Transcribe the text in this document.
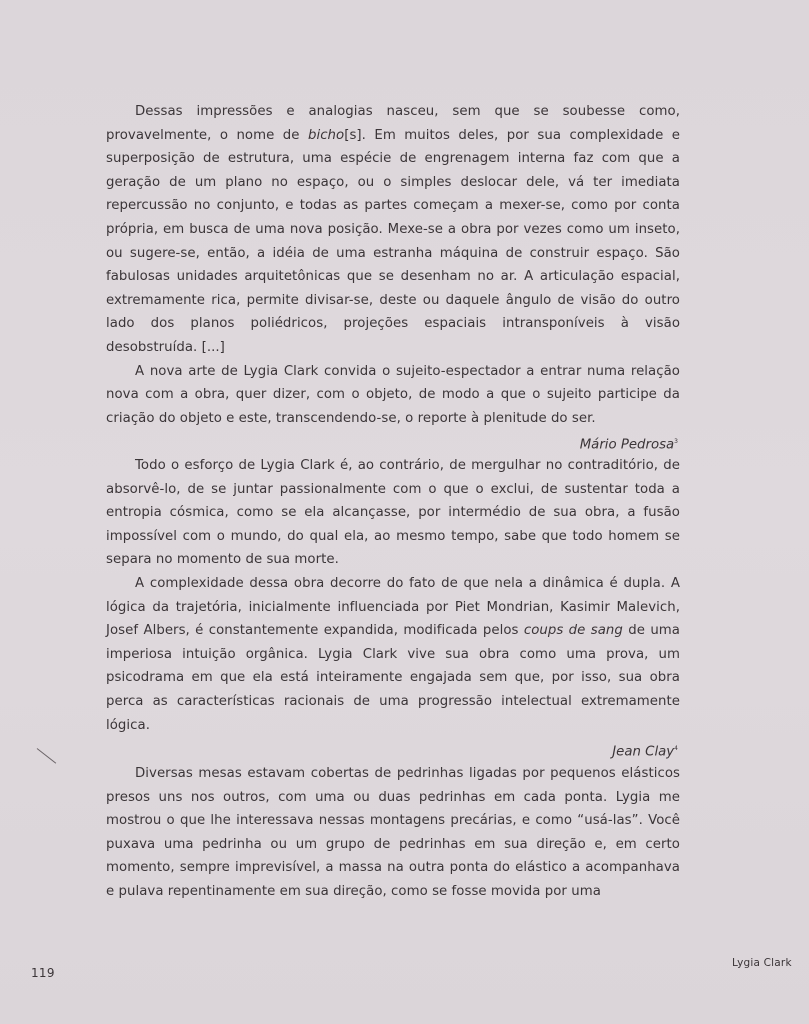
Dessas impressões e analogias nasceu, sem que se soubesse como, provavelmente, o nome de bicho[s]. Em muitos deles, por sua complexidade e superposição de estrutura, uma espécie de engrenagem interna faz com que a geração de um plano no espaço, ou o simples deslocar dele, vá ter imediata repercussão no conjunto, e todas as partes começam a mexer-se, como por conta própria, em busca de uma nova posição. Mexe-se a obra por vezes como um inseto, ou sugere-se, então, a idéia de uma estranha máquina de construir espaço. São fabulosas unidades arquitetônicas que se desenham no ar. A articulação espacial, extremamente rica, permite divisar-se, deste ou daquele ângulo de visão do outro lado dos planos poliédricos, projeções espaciais intransponíveis à visão desobstruída. [...]

A nova arte de Lygia Clark convida o sujeito-espectador a entrar numa relação nova com a obra, quer dizer, com o objeto, de modo a que o sujeito participe da criação do objeto e este, transcendendo-se, o reporte à plenitude do ser.

Mário Pedrosa$^3$

Todo o esforço de Lygia Clark é, ao contrário, de mergulhar no contraditório, de absorvê-lo, de se juntar passionalmente com o que o exclui, de sustentar toda a entropia cósmica, como se ela alcançasse, por intermédio de sua obra, a fusão impossível com o mundo, do qual ela, ao mesmo tempo, sabe que todo homem se separa no momento de sua morte.

A complexidade dessa obra decorre do fato de que nela a dinâmica é dupla. A lógica da trajetória, inicialmente influenciada por Piet Mondrian, Kasimir Malevich, Josef Albers, é constantemente expandida, modificada pelos coups de sang de uma imperiosa intuição orgânica. Lygia Clark vive sua obra como uma prova, um psicodrama em que ela está inteiramente engajada sem que, por isso, sua obra perca as características racionais de uma progressão intelectual extremamente lógica.

Jean Clay$^4$

Diversas mesas estavam cobertas de pedrinhas ligadas por pequenos elásticos presos uns nos outros, com uma ou duas pedrinhas em cada ponta. Lygia me mostrou o que lhe interessava nessas montagens precárias, e como “usá-las”. Você puxava uma pedrinha ou um grupo de pedrinhas em sua direção e, em certo momento, sempre imprevisível, a massa na outra ponta do elástico a acompanhava e pulava repentinamente em sua direção, como se fosse movida por uma

119
Lygia Clark
